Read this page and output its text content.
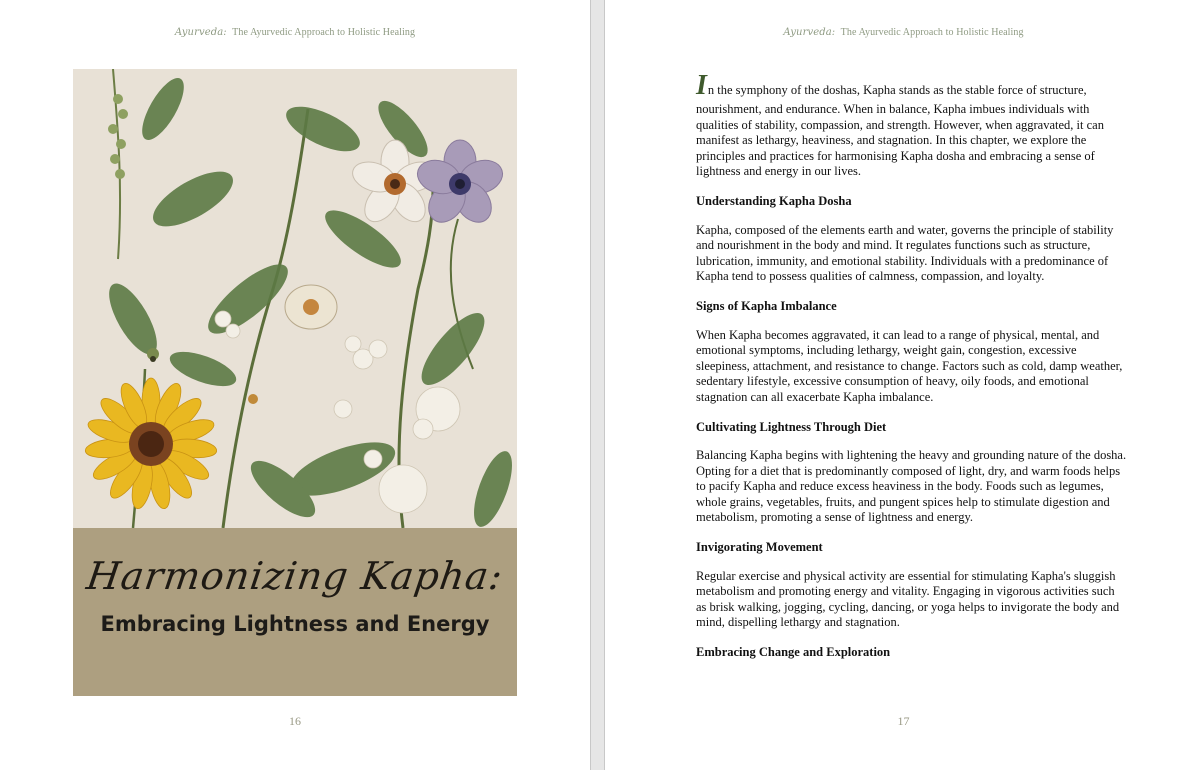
Ayurveda: The Ayurvedic Approach to Holistic Healing
Harmonizing Kapha:
Embracing Lightness and Energy
16
Ayurveda: The Ayurvedic Approach to Holistic Healing

In the symphony of the doshas, Kapha stands as the stable force of structure,
nourishment, and endurance. When in balance, Kapha imbues individuals with qualities of stability, compassion, and strength. However, when aggravated, it can manifest as lethargy, heaviness, and stagnation. In this chapter, we explore the principles and practices for harmonising Kapha dosha and embracing a sense of lightness and energy in our lives.

Understanding Kapha Dosha

Kapha, composed of the elements earth and water, governs the principle of stability and nourishment in the body and mind. It regulates functions such as structure, lubrication, immunity, and emotional stability. Individuals with a predominance of Kapha tend to possess qualities of calmness, compassion, and loyalty.

Signs of Kapha Imbalance

When Kapha becomes aggravated, it can lead to a range of physical, mental, and emotional symptoms, including lethargy, weight gain, congestion, excessive sleepiness, attachment, and resistance to change. Factors such as cold, damp weather, sedentary lifestyle, excessive consumption of heavy, oily foods, and emotional stagnation can all exacerbate Kapha imbalance.

Cultivating Lightness Through Diet

Balancing Kapha begins with lightening the heavy and grounding nature of the dosha. Opting for a diet that is predominantly composed of light, dry, and warm foods helps to pacify Kapha and reduce excess heaviness in the body. Foods such as legumes, whole grains, vegetables, fruits, and pungent spices help to stimulate digestion and metabolism, promoting a sense of lightness and energy.

Invigorating Movement

Regular exercise and physical activity are essential for stimulating Kapha's sluggish metabolism and promoting energy and vitality. Engaging in vigorous activities such as brisk walking, jogging, cycling, dancing, or yoga helps to invigorate the body and mind, dispelling lethargy and stagnation.

Embracing Change and Exploration

17
